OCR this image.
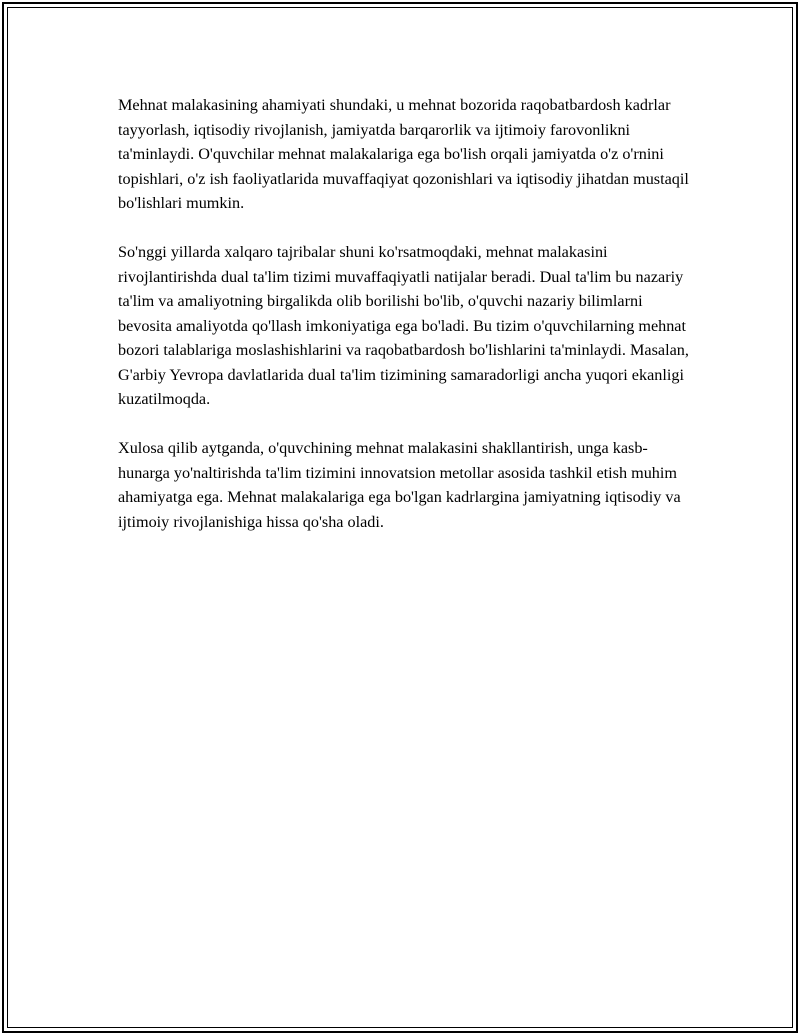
Mehnat malakasining ahamiyati shundaki, u mehnat bozorida raqobatbardosh kadrlar tayyorlash, iqtisodiy rivojlanish, jamiyatda barqarorlik va ijtimoiy farovonlikni ta'minlaydi. O'quvchilar mehnat malakalariga ega bo'lish orqali jamiyatda o'z o'rnini topishlari, o'z ish faoliyatlarida muvaffaqiyat qozonishlari va iqtisodiy jihatdan mustaqil bo'lishlari mumkin.

So'nggi yillarda xalqaro tajribalar shuni ko'rsatmoqdaki, mehnat malakasini rivojlantirishda dual ta'lim tizimi muvaffaqiyatli natijalar beradi. Dual ta'lim bu nazariy ta'lim va amaliyotning birgalikda olib borilishi bo'lib, o'quvchi nazariy bilimlarni bevosita amaliyotda qo'llash imkoniyatiga ega bo'ladi. Bu tizim o'quvchilarning mehnat bozori talablariga moslashishlarini va raqobatbardosh bo'lishlarini ta'minlaydi. Masalan, G'arbiy Yevropa davlatlarida dual ta'lim tizimining samaradorligi ancha yuqori ekanligi kuzatilmoqda.

Xulosa qilib aytganda, o'quvchining mehnat malakasini shakllantirish, unga kasb-hunarga yo'naltirishda ta'lim tizimini innovatsion metollar asosida tashkil etish muhim ahamiyatga ega. Mehnat malakalariga ega bo'lgan kadrlargina jamiyatning iqtisodiy va ijtimoiy rivojlanishiga hissa qo'sha oladi.
